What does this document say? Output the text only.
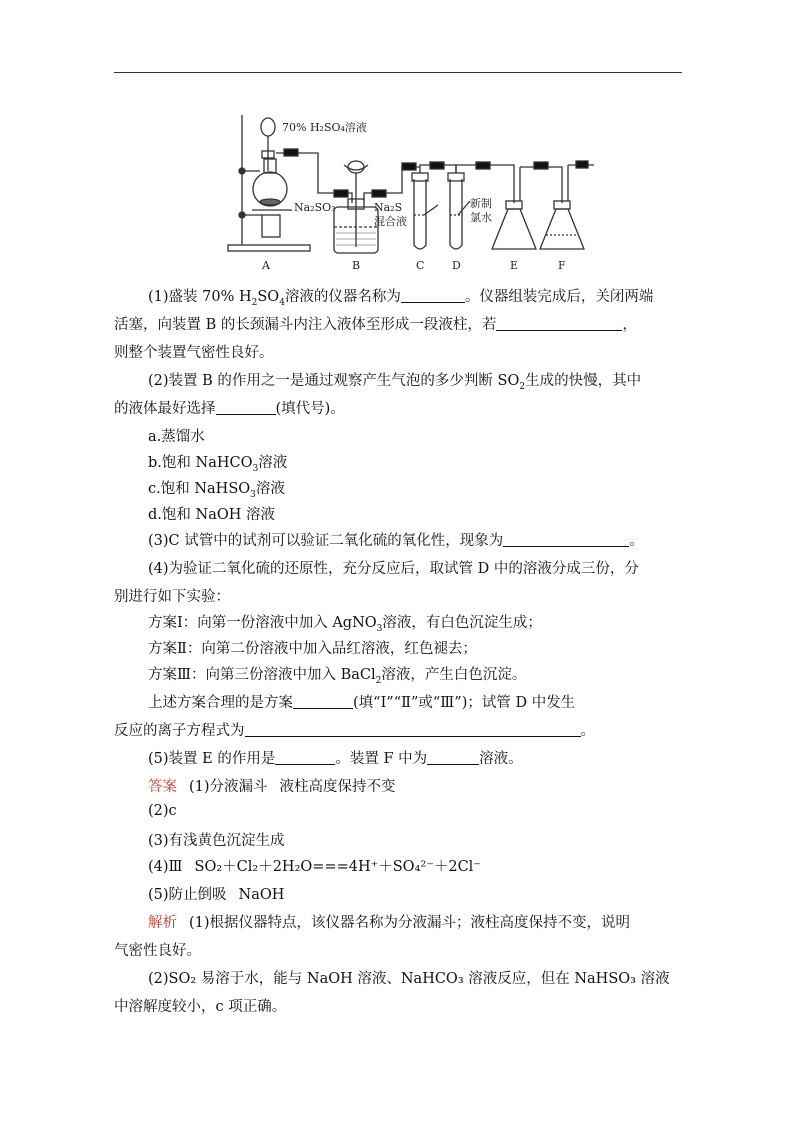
70% H₂SO₄溶液
Na₂SO₃	Na₂S
混合液
新制
氯水
A	B	C	D	E	F
(1)盛装 70% $H_2SO_4$溶液的仪器名称为	。仪器组装完成后，关闭两端
活塞，向装置 B 的长颈漏斗内注入液体至形成一段液柱，若	，
则整个装置气密性良好。
(2)装置 B 的作用之一是通过观察产生气泡的多少判断 $SO_2$生成的快慢，其中
的液体最好选择	(填代号)。
a.蒸馏水
b.饱和 NaHCO$_3$溶液
c.饱和 NaHSO$_3$溶液
d.饱和 NaOH 溶液
(3)C 试管中的试剂可以验证二氧化硫的氧化性，现象为	。
(4)为验证二氧化硫的还原性，充分反应后，取试管 D 中的溶液分成三份，分
别进行如下实验：
方案Ⅰ：向第一份溶液中加入 AgNO$_3$溶液，有白色沉淀生成；
方案Ⅱ：向第二份溶液中加入品红溶液，红色褪去；
方案Ⅲ：向第三份溶液中加入 BaCl$_2$溶液，产生白色沉淀。
上述方案合理的是方案	(填“Ⅰ”“Ⅱ”或“Ⅲ”)；试管 D 中发生
反应的离子方程式为	。
(5)装置 E 的作用是	。装置 F 中为	溶液。
答案 (1)分液漏斗 液柱高度保持不变
(2)c
(3)有浅黄色沉淀生成
(4)Ⅲ SO₂＋Cl₂＋2H₂O===4H⁺＋SO₄²⁻＋2Cl⁻
(5)防止倒吸 NaOH
解析 (1)根据仪器特点，该仪器名称为分液漏斗；液柱高度保持不变，说明
气密性良好。
(2)SO₂ 易溶于水，能与 NaOH 溶液、NaHCO₃ 溶液反应，但在 NaHSO₃ 溶液
中溶解度较小，c 项正确。
